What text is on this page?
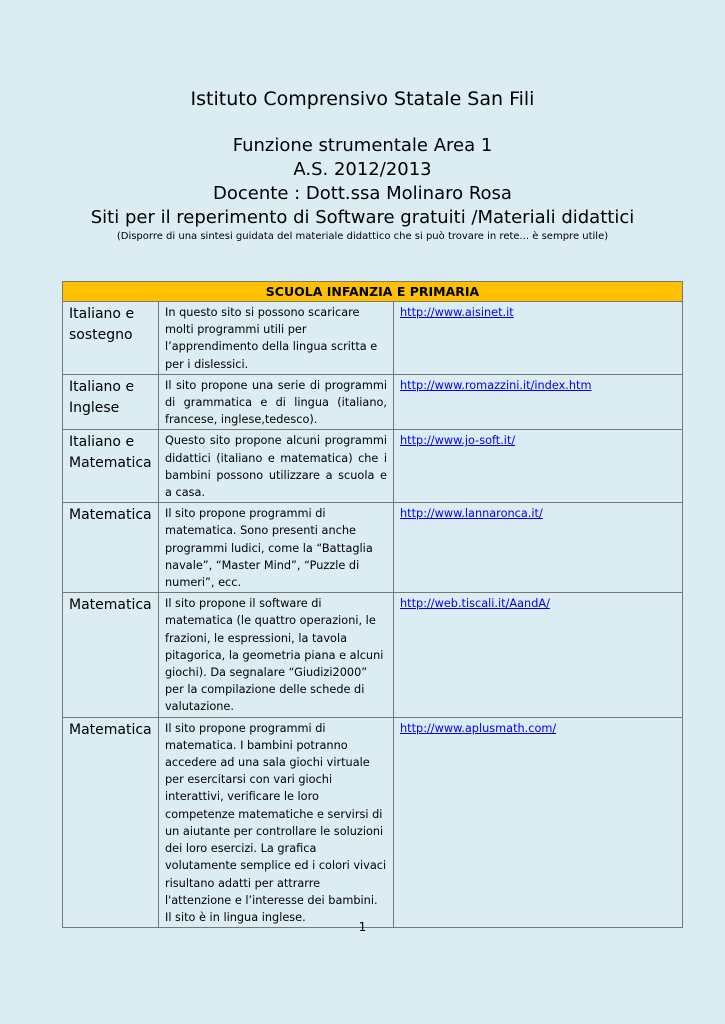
Istituto Comprensivo Statale San Fili
Funzione strumentale Area 1
A.S. 2012/2013
Docente : Dott.ssa Molinaro Rosa
Siti per il reperimento di Software gratuiti /Materiali didattici
(Disporre di una sintesi guidata del materiale didattico che si può trovare in rete... è sempre utile)
SCUOLA INFANZIA E PRIMARIA		
Italiano e sostegno	In questo sito si possono scaricare molti programmi utili per l’apprendimento della lingua scritta e per i dislessici.	http://www.aisinet.it
Italiano e Inglese	Il sito propone una serie di programmi di grammatica e di lingua (italiano, francese, inglese,tedesco).	http://www.romazzini.it/index.htm
Italiano e Matematica	Questo sito propone alcuni programmi didattici (italiano e matematica) che i bambini possono utilizzare a scuola e a casa.	http://www.jo-soft.it/
Matematica	Il sito propone programmi di matematica. Sono presenti anche programmi ludici, come la “Battaglia navale”, “Master Mind”, “Puzzle di numeri”, ecc.	http://www.lannaronca.it/
Matematica	Il sito propone il software di matematica (le quattro operazioni, le frazioni, le espressioni, la tavola pitagorica, la geometria piana e alcuni giochi). Da segnalare “Giudizi2000” per la compilazione delle schede di valutazione.	http://web.tiscali.it/AandA/
Matematica	Il sito propone programmi di matematica. I bambini potranno accedere ad una sala giochi virtuale per esercitarsi con vari giochi interattivi, verificare le loro competenze matematiche e servirsi di un aiutante per controllare le soluzioni dei loro esercizi. La grafica volutamente semplice ed i colori vivaci risultano adatti per attrarre l'attenzione e l’interesse dei bambini. Il sito è in lingua inglese.	http://www.aplusmath.com/
1
